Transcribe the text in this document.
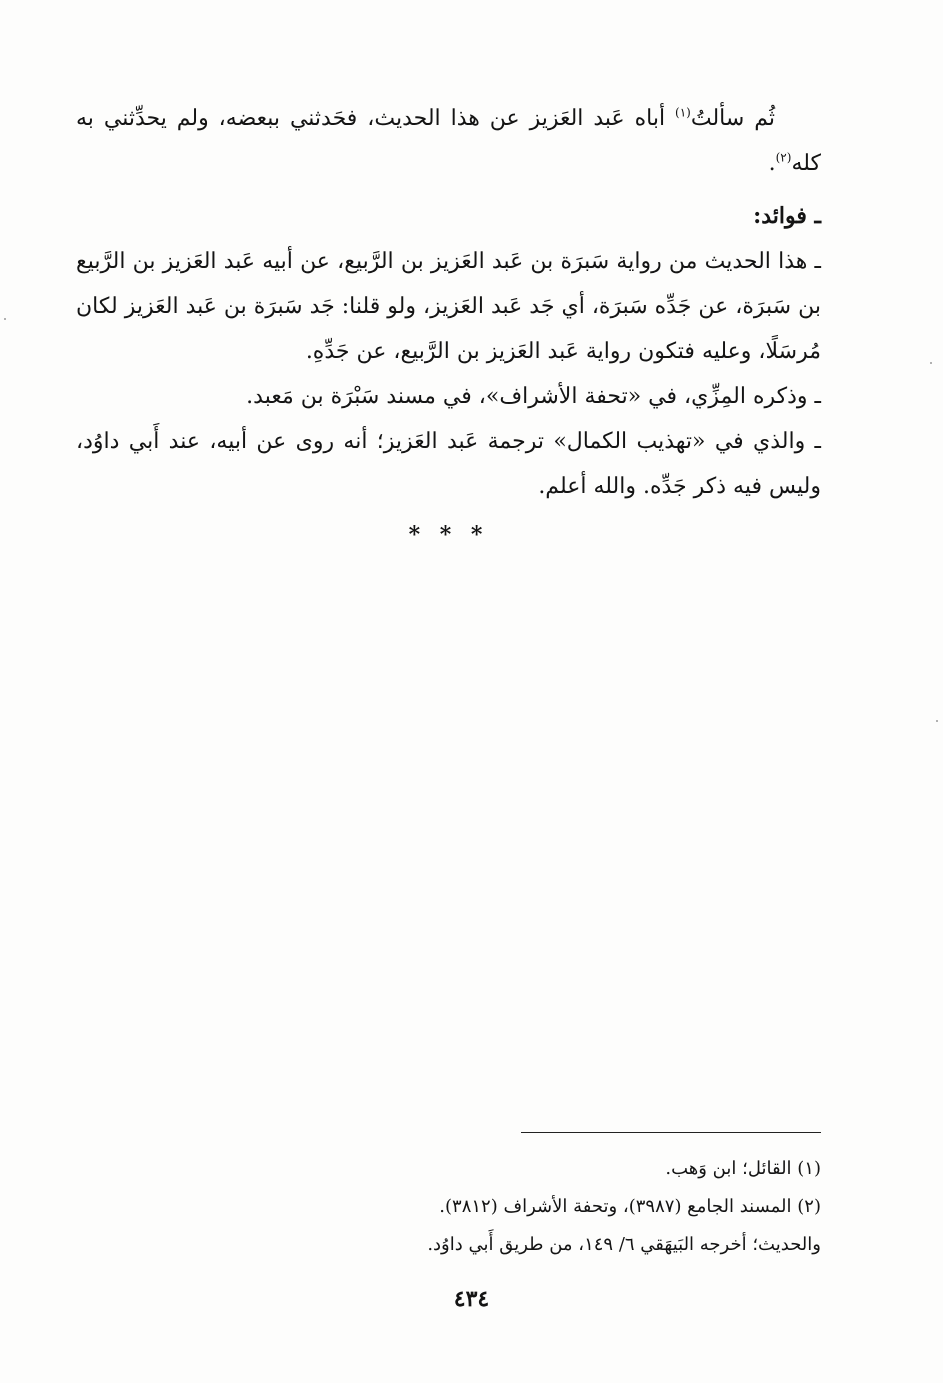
ثُم سألتُ$^{(١)}$ أباه عَبد العَزيز عن هذا الحديث، فحَدثني ببعضه، ولم يحدِّثني به كله$^{(٢)}$.

ـ فوائد:

ـ هذا الحديث من رواية سَبرَة بن عَبد العَزيز بن الرَّبيع، عن أبيه عَبد العَزيز بن الرَّبيع بن سَبرَة، عن جَدِّه سَبرَة، أي جَد عَبد العَزيز، ولو قلنا: جَد سَبرَة بن عَبد العَزيز لكان مُرسَلًا، وعليه فتكون رواية عَبد العَزيز بن الرَّبيع، عن جَدِّهِ.

ـ وذكره المِزِّي، في «تحفة الأشراف»، في مسند سَبْرَة بن مَعبد.

ـ والذي في «تهذيب الكمال» ترجمة عَبد العَزيز؛ أنه روى عن أبيه، عند أَبي داوُد، وليس فيه ذكر جَدِّه. والله أعلم.

* * *

(١) القائل؛ ابن وَهب.

(٢) المسند الجامع (٣٩٨٧)، وتحفة الأشراف (٣٨١٢).

والحديث؛ أخرجه البَيهَقي ٦/ ١٤٩، من طريق أَبي داوُد.

٤٣٤
